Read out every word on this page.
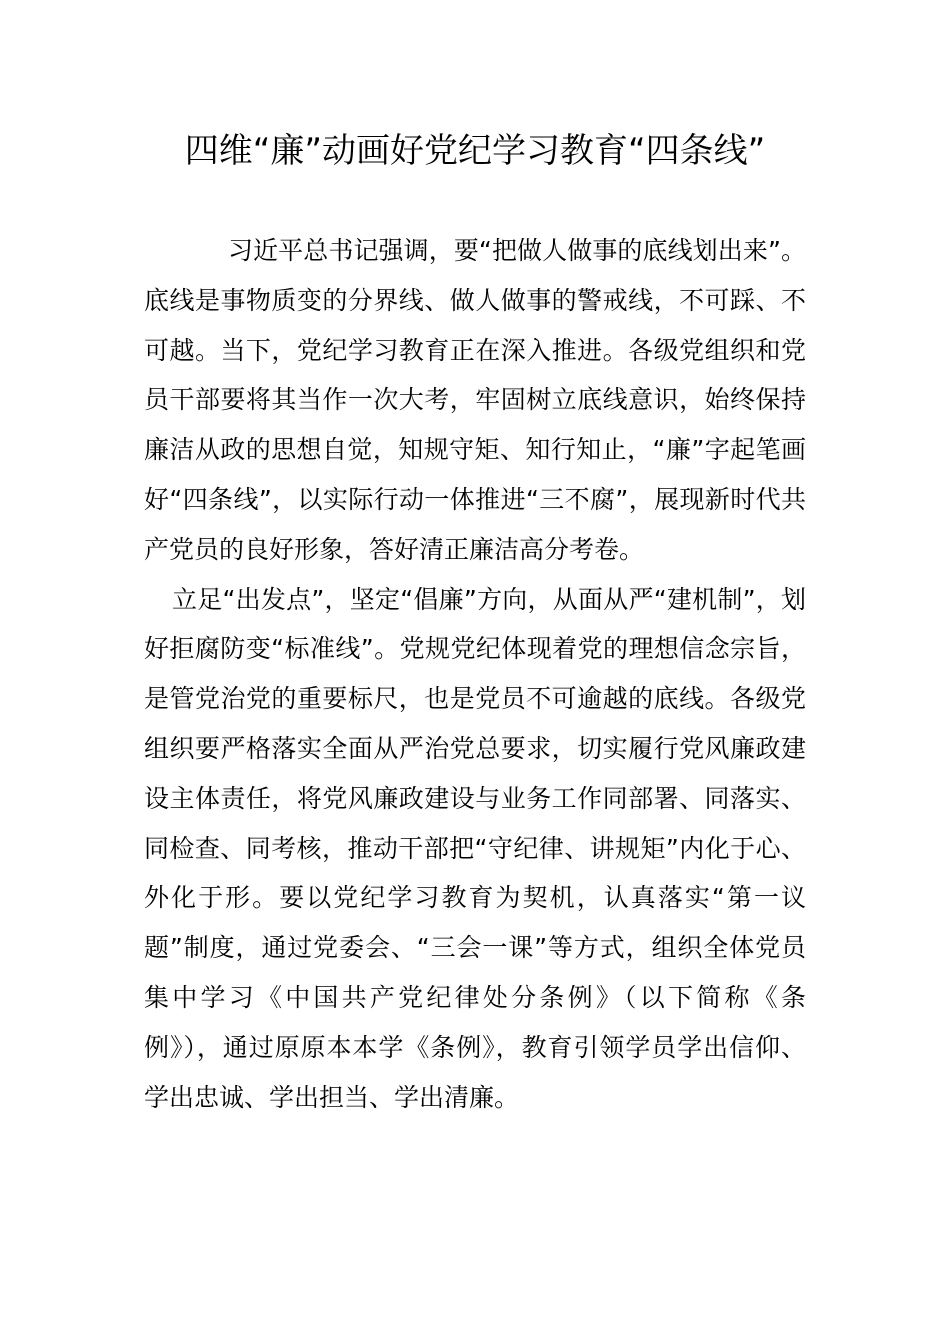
四维“廉”动画好党纪学习教育“四条线”

习近平总书记强调，要“把做人做事的底线划出来”。底线是事物质变的分界线、做人做事的警戒线，不可踩、不可越。当下，党纪学习教育正在深入推进。各级党组织和党员干部要将其当作一次大考，牢固树立底线意识，始终保持廉洁从政的思想自觉，知规守矩、知行知止，“廉”字起笔画好“四条线”，以实际行动一体推进“三不腐”，展现新时代共产党员的良好形象，答好清正廉洁高分考卷。

立足“出发点”，坚定“倡廉”方向，从面从严“建机制”，划好拒腐防变“标准线”。党规党纪体现着党的理想信念宗旨，是管党治党的重要标尺，也是党员不可逾越的底线。各级党组织要严格落实全面从严治党总要求，切实履行党风廉政建设主体责任，将党风廉政建设与业务工作同部署、同落实、同检查、同考核，推动干部把“守纪律、讲规矩”内化于心、外化于形。要以党纪学习教育为契机，认真落实“第一议题”制度，通过党委会、“三会一课”等方式，组织全体党员集中学习《中国共产党纪律处分条例》（以下简称《条例》），通过原原本本学《条例》，教育引领学员学出信仰、学出忠诚、学出担当、学出清廉。
